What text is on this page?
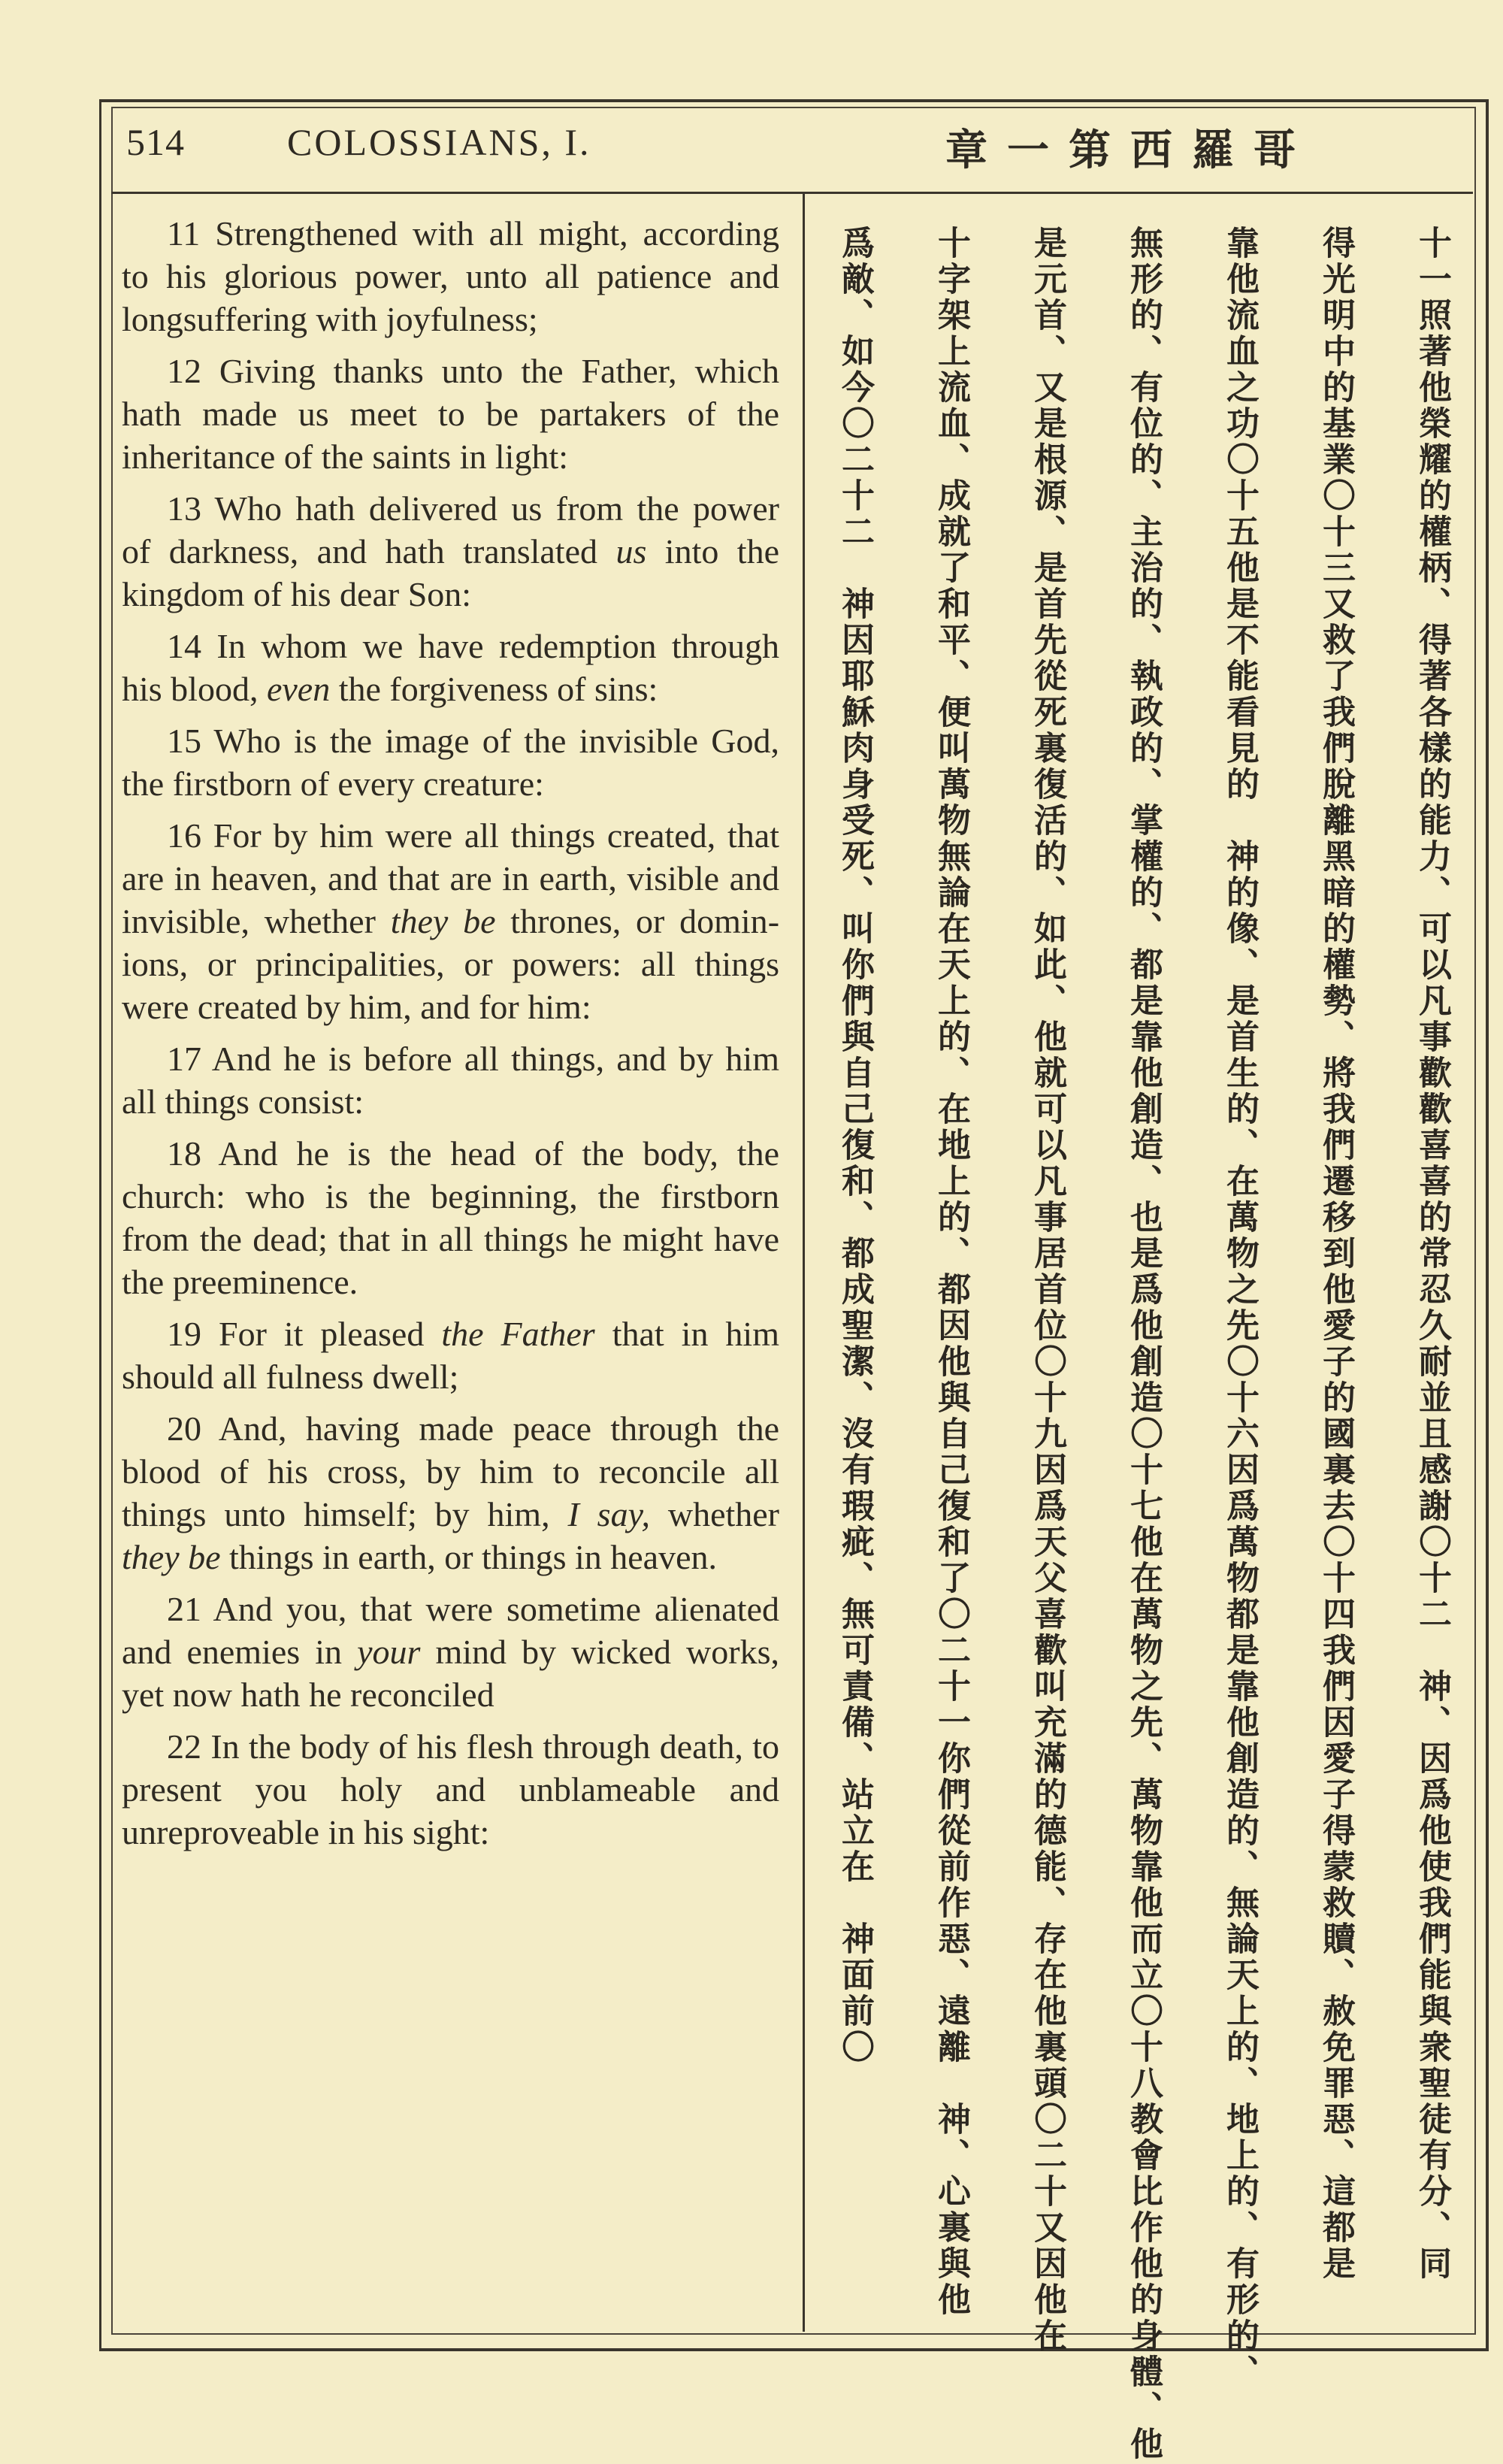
514	COLOSSIANS, I.	哥羅西第一章

11 Strengthened with all might, according to his glorious power, unto all patience and longsuffering with joyfulness;

12 Giving thanks unto the Father, which hath made us meet to be partakers of the inheritance of the saints in light:

13 Who hath delivered us from the power of darkness, and hath translated us into the kingdom of his dear Son:

14 In whom we have redemption through his blood, even the forgiveness of sins:

15 Who is the image of the invisible God, the firstborn of every creature:

16 For by him were all things created, that are in heaven, and that are in earth, visible and invisible, whether they be thrones, or dominions, or principalities, or powers: all things were created by him, and for him:

17 And he is before all things, and by him all things consist:

18 And he is the head of the body, the church: who is the beginning, the firstborn from the dead; that in all things he might have the preeminence.

19 For it pleased the Father that in him should all fulness dwell;

20 And, having made peace through the blood of his cross, by him to reconcile all things unto himself; by him, I say, whether they be things in earth, or things in heaven.

21 And you, that were sometime alienated and enemies in your mind by wicked works, yet now hath he reconciled

22 In the body of his flesh through death, to present you holy and unblameable and unreproveable in his sight:	十一照著他榮耀的權柄、得著各樣的能力、可以凡事歡歡喜喜的常忍久耐並且感謝〇十二　神、因爲他使我們能與衆聖徒有分、同
得光明中的基業〇十三又救了我們脫離黑暗的權勢、將我們遷移到他愛子的國裏去〇十四我們因愛子得蒙救贖、赦免罪惡、這都是
靠他流血之功〇十五他是不能看見的　神的像、是首生的、在萬物之先〇十六因爲萬物都是靠他創造的、無論天上的、地上的、有形的、
無形的、有位的、主治的、執政的、掌權的、都是靠他創造、也是爲他創造〇十七他在萬物之先、萬物靠他而立〇十八教會比作他的身體、他
是元首、又是根源、是首先從死裏復活的、如此、他就可以凡事居首位〇十九因爲天父喜歡叫充滿的德能、存在他裏頭〇二十又因他在
十字架上流血、成就了和平、便叫萬物無論在天上的、在地上的、都因他與自己復和了〇二十一你們從前作惡、遠離　神、心裏與他
爲敵、如今〇二十二　神因耶穌肉身受死、叫你們與自己復和、都成聖潔、沒有瑕疵、無可責備、站立在　神面前〇
